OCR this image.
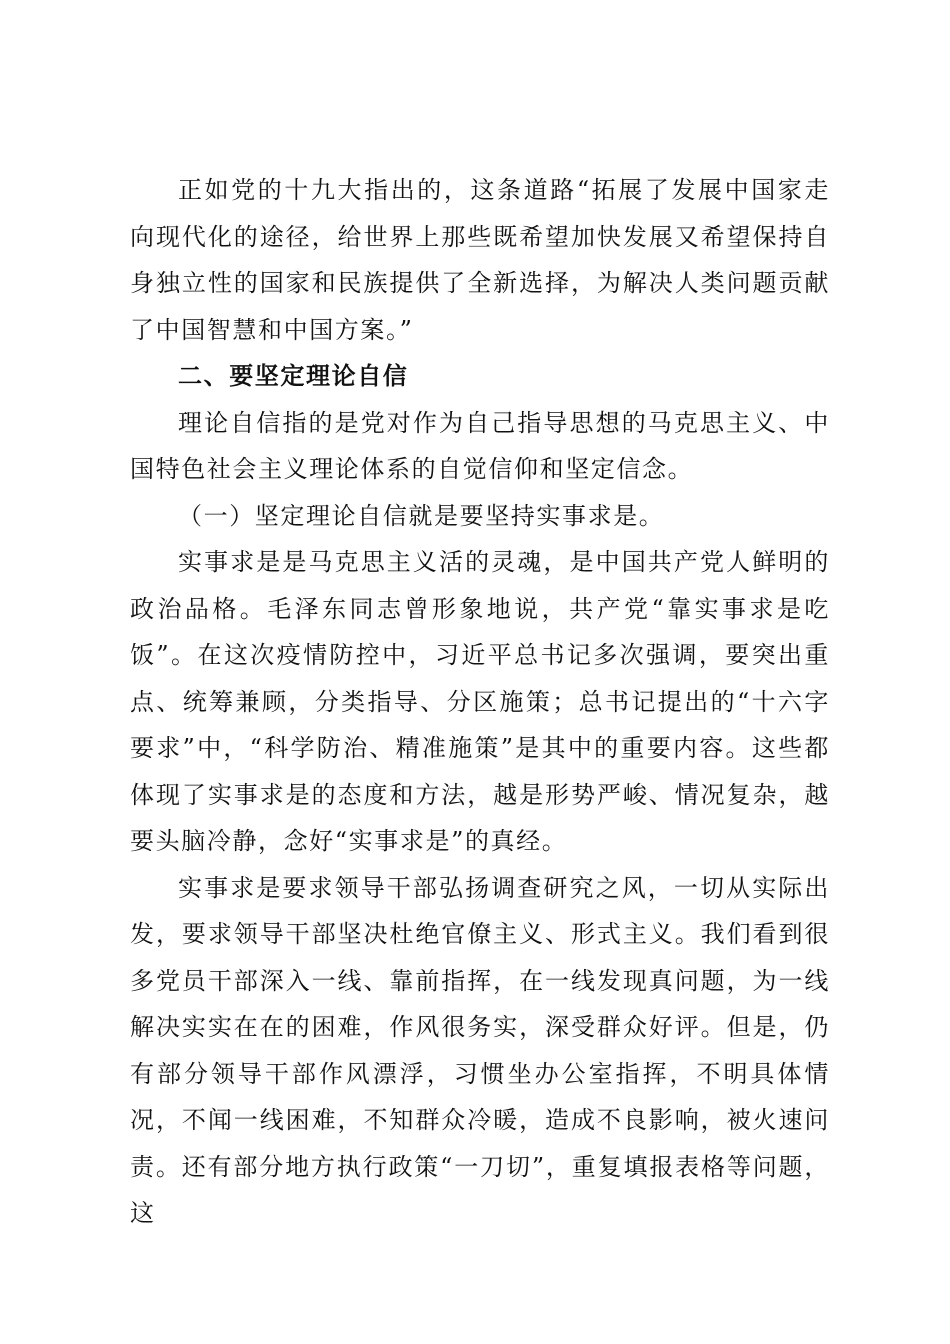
正如党的十九大指出的，这条道路“拓展了发展中国家走向现代化的途径，给世界上那些既希望加快发展又希望保持自身独立性的国家和民族提供了全新选择，为解决人类问题贡献了中国智慧和中国方案。”

二、要坚定理论自信

理论自信指的是党对作为自己指导思想的马克思主义、中国特色社会主义理论体系的自觉信仰和坚定信念。

（一）坚定理论自信就是要坚持实事求是。

实事求是是马克思主义活的灵魂，是中国共产党人鲜明的政治品格。毛泽东同志曾形象地说，共产党“靠实事求是吃饭”。在这次疫情防控中，习近平总书记多次强调，要突出重点、统筹兼顾，分类指导、分区施策；总书记提出的“十六字要求”中，“科学防治、精准施策”是其中的重要内容。这些都体现了实事求是的态度和方法，越是形势严峻、情况复杂，越要头脑冷静，念好“实事求是”的真经。

实事求是要求领导干部弘扬调查研究之风，一切从实际出发，要求领导干部坚决杜绝官僚主义、形式主义。我们看到很多党员干部深入一线、靠前指挥，在一线发现真问题，为一线解决实实在在的困难，作风很务实，深受群众好评。但是，仍有部分领导干部作风漂浮，习惯坐办公室指挥，不明具体情况，不闻一线困难，不知群众冷暖，造成不良影响，被火速问责。还有部分地方执行政策“一刀切”，重复填报表格等问题，这
